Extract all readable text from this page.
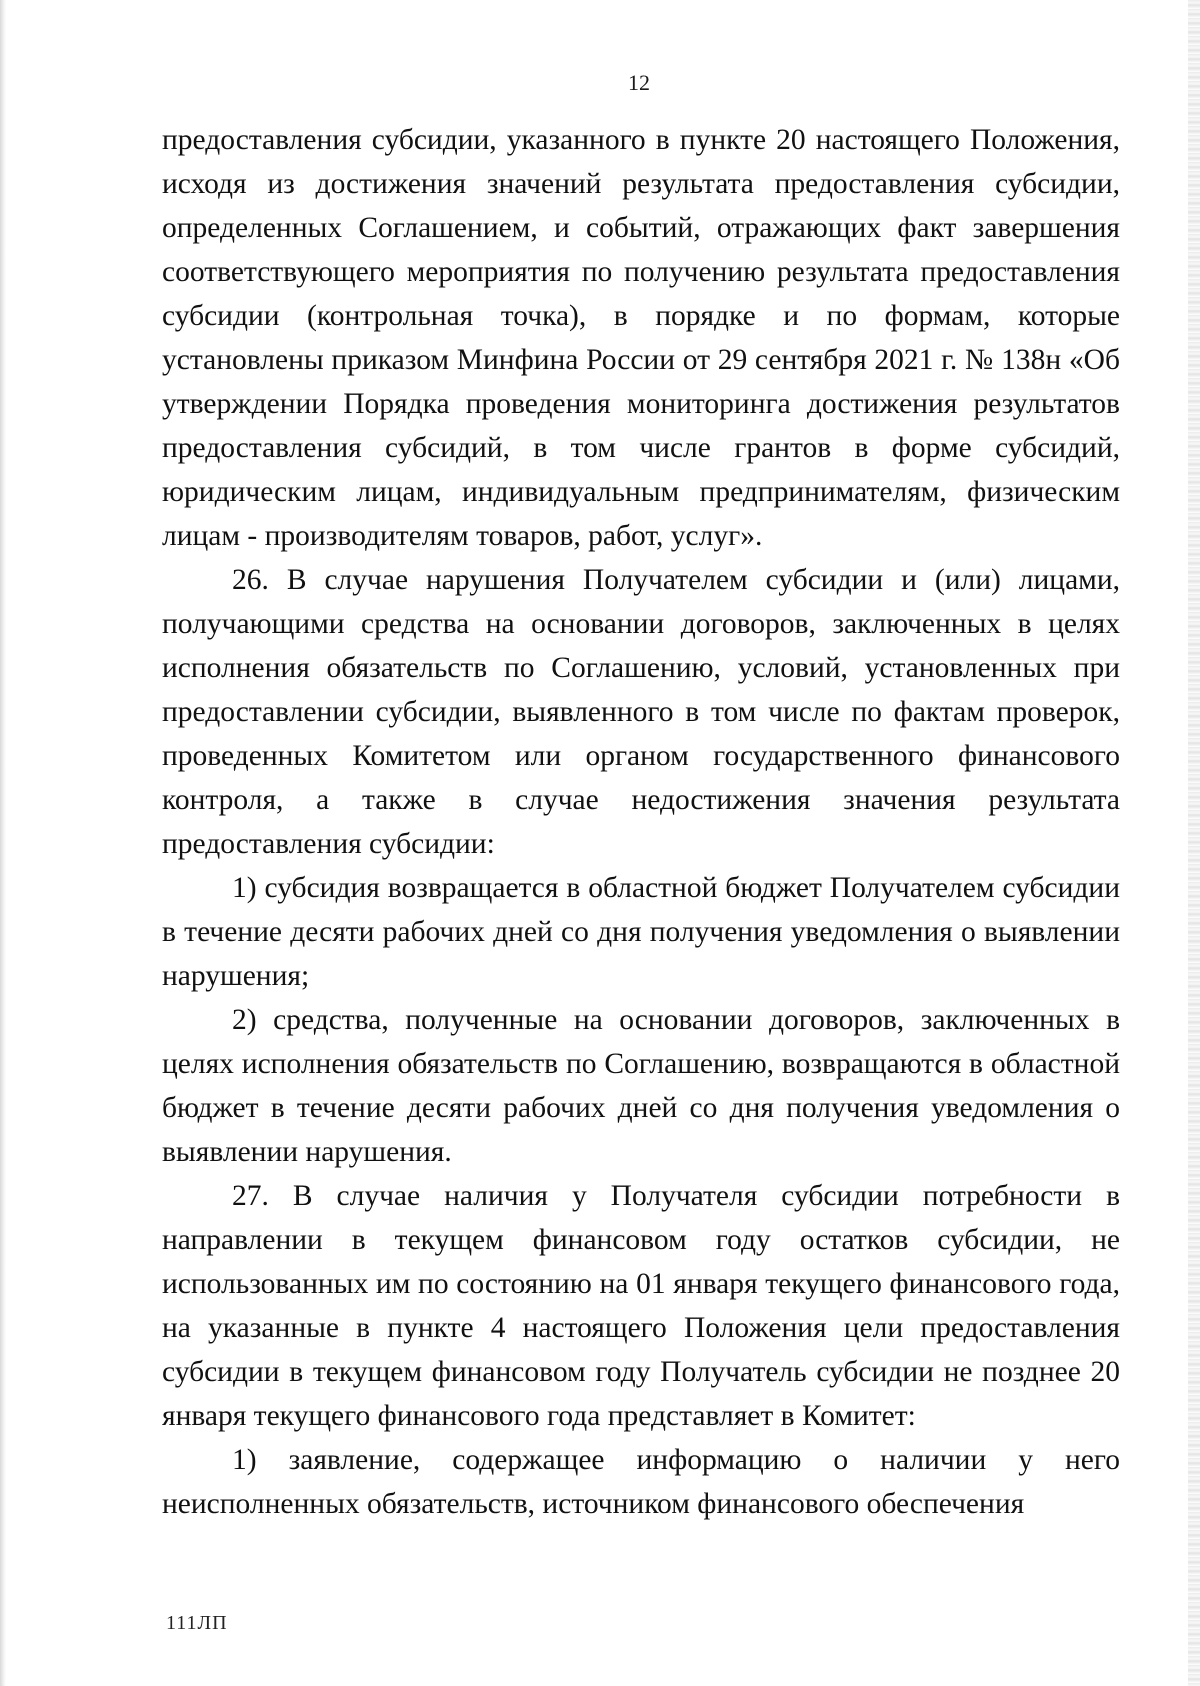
12

предоставления субсидии, указанного в пункте 20 настоящего Положения, исходя из достижения значений результата предоставления субсидии, определенных Соглашением, и событий, отражающих факт завершения соответствующего мероприятия по получению результата предоставления субсидии (контрольная точка), в порядке и по формам, которые установлены приказом Минфина России от 29 сентября 2021 г. № 138н «Об утверждении Порядка проведения мониторинга достижения результатов предоставления субсидий, в том числе грантов в форме субсидий, юридическим лицам, индивидуальным предпринимателям, физическим лицам - производителям товаров, работ, услуг».

26. В случае нарушения Получателем субсидии и (или) лицами, получающими средства на основании договоров, заключенных в целях исполнения обязательств по Соглашению, условий, установленных при предоставлении субсидии, выявленного в том числе по фактам проверок, проведенных Комитетом или органом государственного финансового контроля, а также в случае недостижения значения результата предоставления субсидии:

1) субсидия возвращается в областной бюджет Получателем субсидии в течение десяти рабочих дней со дня получения уведомления о выявлении нарушения;

2) средства, полученные на основании договоров, заключенных в целях исполнения обязательств по Соглашению, возвращаются в областной бюджет в течение десяти рабочих дней со дня получения уведомления о выявлении нарушения.

27. В случае наличия у Получателя субсидии потребности в направлении в текущем финансовом году остатков субсидии, не использованных им по состоянию на 01 января текущего финансового года, на указанные в пункте 4 настоящего Положения цели предоставления субсидии в текущем финансовом году Получатель субсидии не позднее 20 января текущего финансового года представляет в Комитет:

1) заявление, содержащее информацию о наличии у него неисполненных обязательств, источником финансового обеспечения

111ЛП
